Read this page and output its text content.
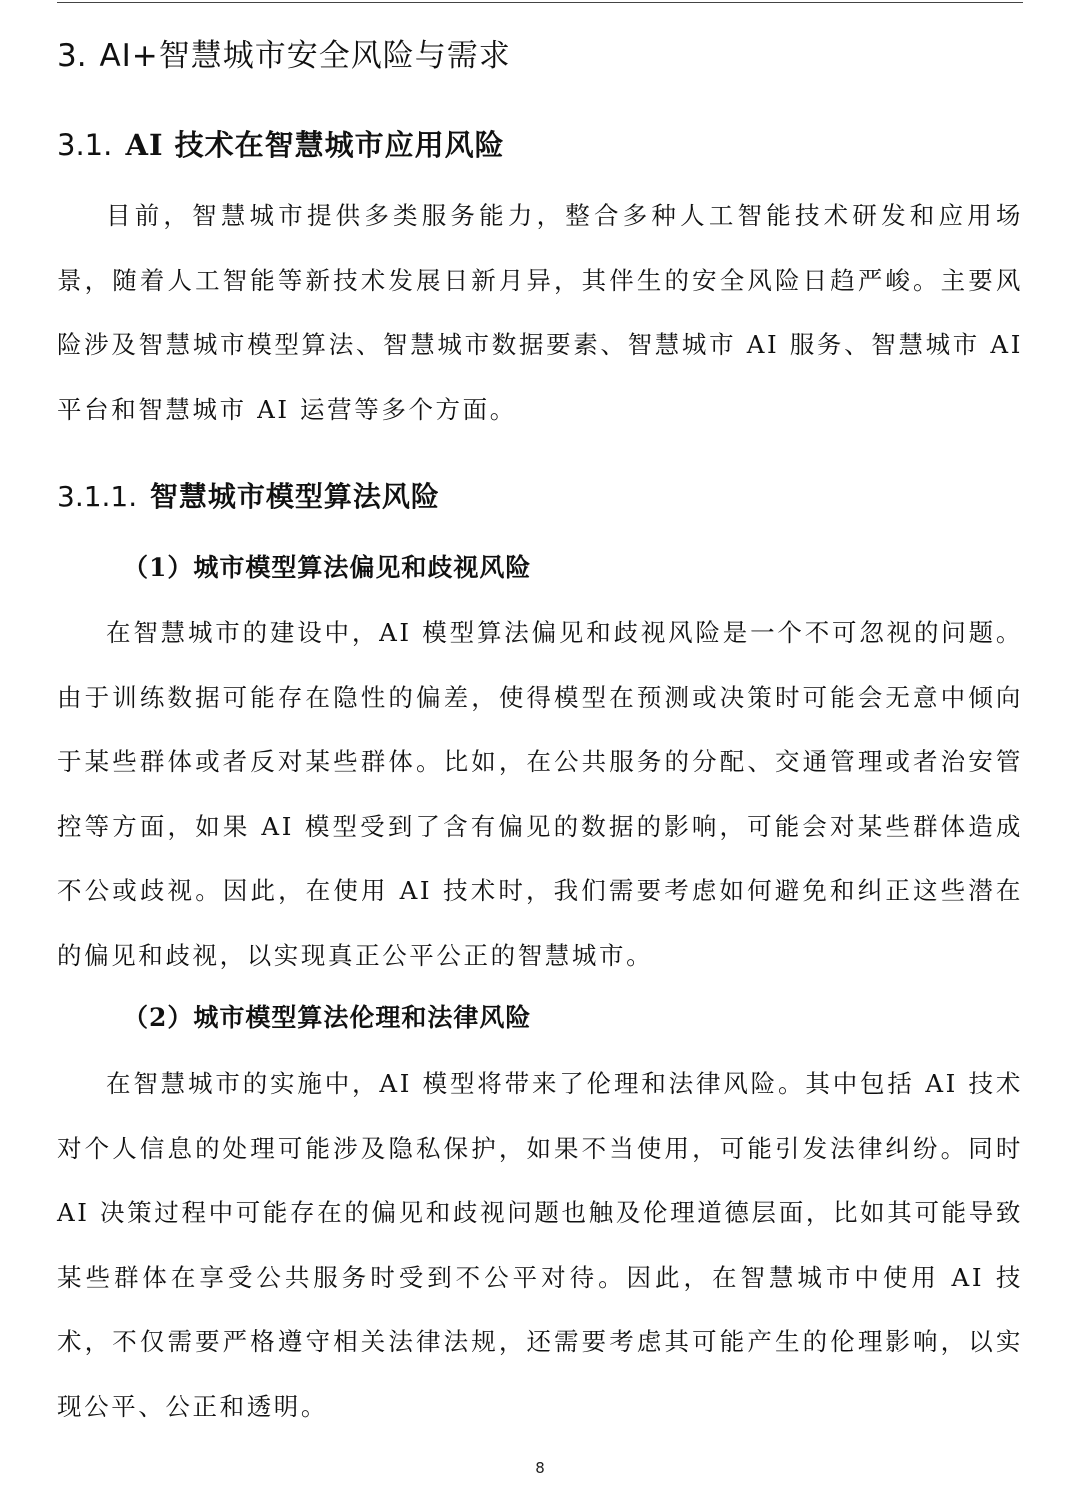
3. AI+智慧城市安全风险与需求
3.1. AI 技术在智慧城市应用风险

目前，智慧城市提供多类服务能力，整合多种人工智能技术研发和应用场景，随着人工智能等新技术发展日新月异，其伴生的安全风险日趋严峻。主要风险涉及智慧城市模型算法、智慧城市数据要素、智慧城市 AI 服务、智慧城市 AI 平台和智慧城市 AI 运营等多个方面。

3.1.1. 智慧城市模型算法风险
（1）城市模型算法偏见和歧视风险

在智慧城市的建设中，AI 模型算法偏见和歧视风险是一个不可忽视的问题。由于训练数据可能存在隐性的偏差，使得模型在预测或决策时可能会无意中倾向于某些群体或者反对某些群体。比如，在公共服务的分配、交通管理或者治安管控等方面，如果 AI 模型受到了含有偏见的数据的影响，可能会对某些群体造成不公或歧视。因此，在使用 AI 技术时，我们需要考虑如何避免和纠正这些潜在的偏见和歧视，以实现真正公平公正的智慧城市。

（2）城市模型算法伦理和法律风险

在智慧城市的实施中，AI 模型将带来了伦理和法律风险。其中包括 AI 技术对个人信息的处理可能涉及隐私保护，如果不当使用，可能引发法律纠纷。同时 AI 决策过程中可能存在的偏见和歧视问题也触及伦理道德层面，比如其可能导致某些群体在享受公共服务时受到不公平对待。因此，在智慧城市中使用 AI 技术，不仅需要严格遵守相关法律法规，还需要考虑其可能产生的伦理影响，以实现公平、公正和透明。

8
